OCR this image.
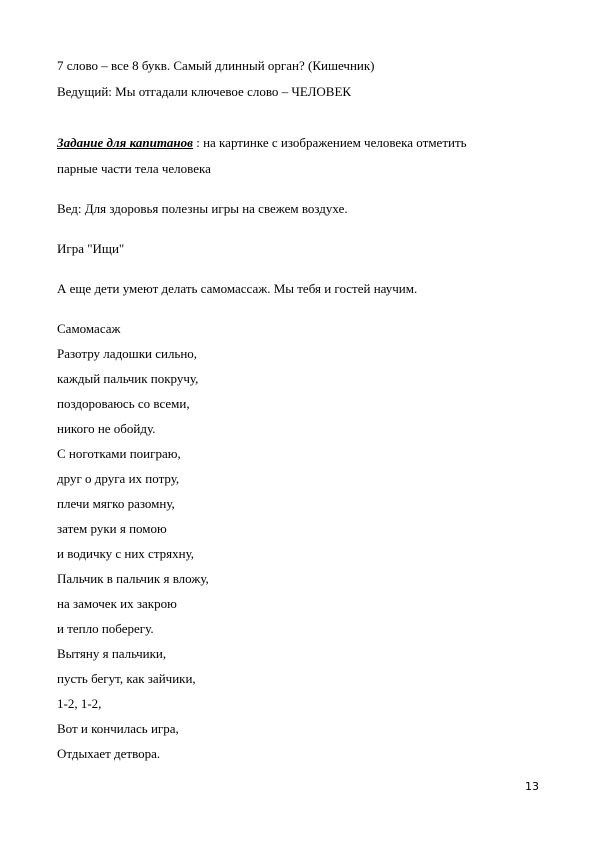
7 слово – все 8 букв. Самый длинный орган? (Кишечник)

Ведущий: Мы отгадали ключевое слово – ЧЕЛОВЕК

Задание для капитанов : на картинке с изображением человека отметить

парные части тела человека

Вед: Для здоровья полезны игры на свежем воздухе.

Игра "Ищи"

А еще дети умеют делать самомассаж. Мы тебя и гостей научим.

Самомасаж

Разотру ладошки сильно,

каждый пальчик покручу,

поздороваюсь со всеми,

никого не обойду.

С ноготками поиграю,

друг о друга их потру,

плечи мягко разомну,

затем руки я помою

и водичку с них стряхну,

Пальчик в пальчик я вложу,

на замочек их закрою

и тепло поберегу.

Вытяну я пальчики,

пусть бегут, как зайчики,

1-2, 1-2,

Вот и кончилась игра,

Отдыхает детвора.

13
